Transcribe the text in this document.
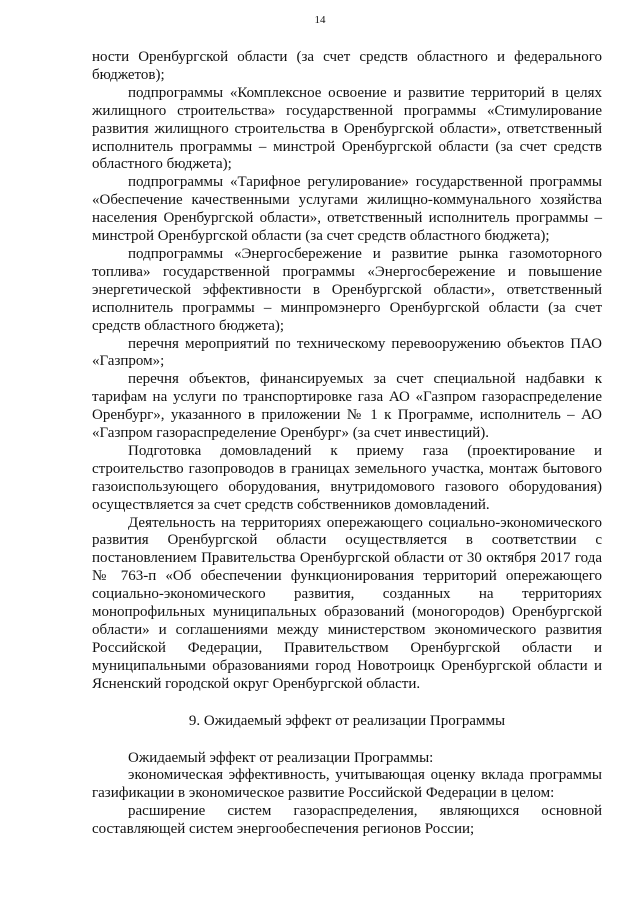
14

ности Оренбургской области (за счет средств областного и федерального бюджетов);

подпрограммы «Комплексное освоение и развитие территорий в целях жилищного строительства» государственной программы «Стимулирование развития жилищного строительства в Оренбургской области», ответственный исполнитель программы – минстрой Оренбургской области (за счет средств областного бюджета);

подпрограммы «Тарифное регулирование» государственной программы «Обеспечение качественными услугами жилищно-коммунального хозяйства населения Оренбургской области», ответственный исполнитель программы – минстрой Оренбургской области (за счет средств областного бюджета);

подпрограммы «Энергосбережение и развитие рынка газомоторного топлива» государственной программы «Энергосбережение и повышение энергетической эффективности в Оренбургской области», ответственный исполнитель программы – минпромэнерго Оренбургской области (за счет средств областного бюджета);

перечня мероприятий по техническому перевооружению объектов ПАО «Газпром»;

перечня объектов, финансируемых за счет специальной надбавки к тарифам на услуги по транспортировке газа АО «Газпром газораспределение Оренбург», указанного в приложении № 1 к Программе, исполнитель – АО «Газпром газораспределение Оренбург» (за счет инвестиций).

Подготовка домовладений к приему газа (проектирование и строительство газопроводов в границах земельного участка, монтаж бытового газоиспользующего оборудования, внутридомового газового оборудования) осуществляется за счет средств собственников домовладений.

Деятельность на территориях опережающего социально-экономического развития Оренбургской области осуществляется в соответствии с постановлением Правительства Оренбургской области от 30 октября 2017 года № 763-п «Об обеспечении функционирования территорий опережающего социально-экономического развития, созданных на территориях монопрофильных муниципальных образований (моногородов) Оренбургской области» и соглашениями между министерством экономического развития Российской Федерации, Правительством Оренбургской области и муниципальными образованиями город Новотроицк Оренбургской области и Ясненский городской округ Оренбургской области.

9. Ожидаемый эффект от реализации Программы

Ожидаемый эффект от реализации Программы:

экономическая эффективность, учитывающая оценку вклада программы газификации в экономическое развитие Российской Федерации в целом:

расширение систем газораспределения, являющихся основной составляющей систем энергообеспечения регионов России;
